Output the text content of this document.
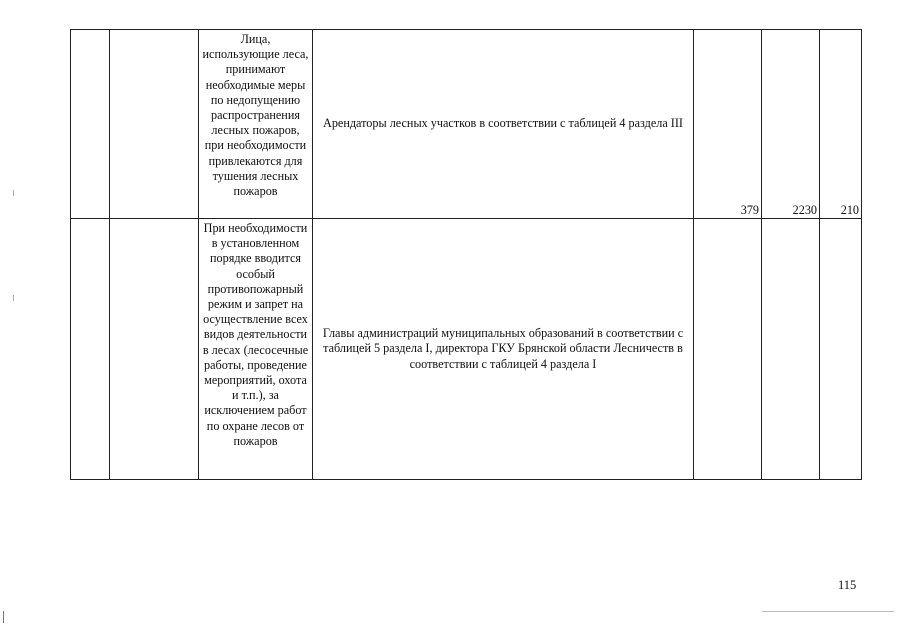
		Лица, использующие леса, принимают необходимые меры по недопущению распространения лесных пожаров, при необходимости привлекаются для тушения лесных пожаров	Арендаторы лесных участков в соответствии с таблицей 4 раздела III	379	2230	210
		При необходимости в установленном порядке вводится особый противопожарный режим и запрет на осуществление всех видов деятельности в лесах (лесосечные работы, проведение мероприятий, охота и т.п.), за исключением работ по охране лесов от пожаров	Главы администраций муниципальных образований в соответствии с таблицей 5 раздела I, директора ГКУ Брянской области Лесничеств в соответствии с таблицей 4 раздела I			
115
